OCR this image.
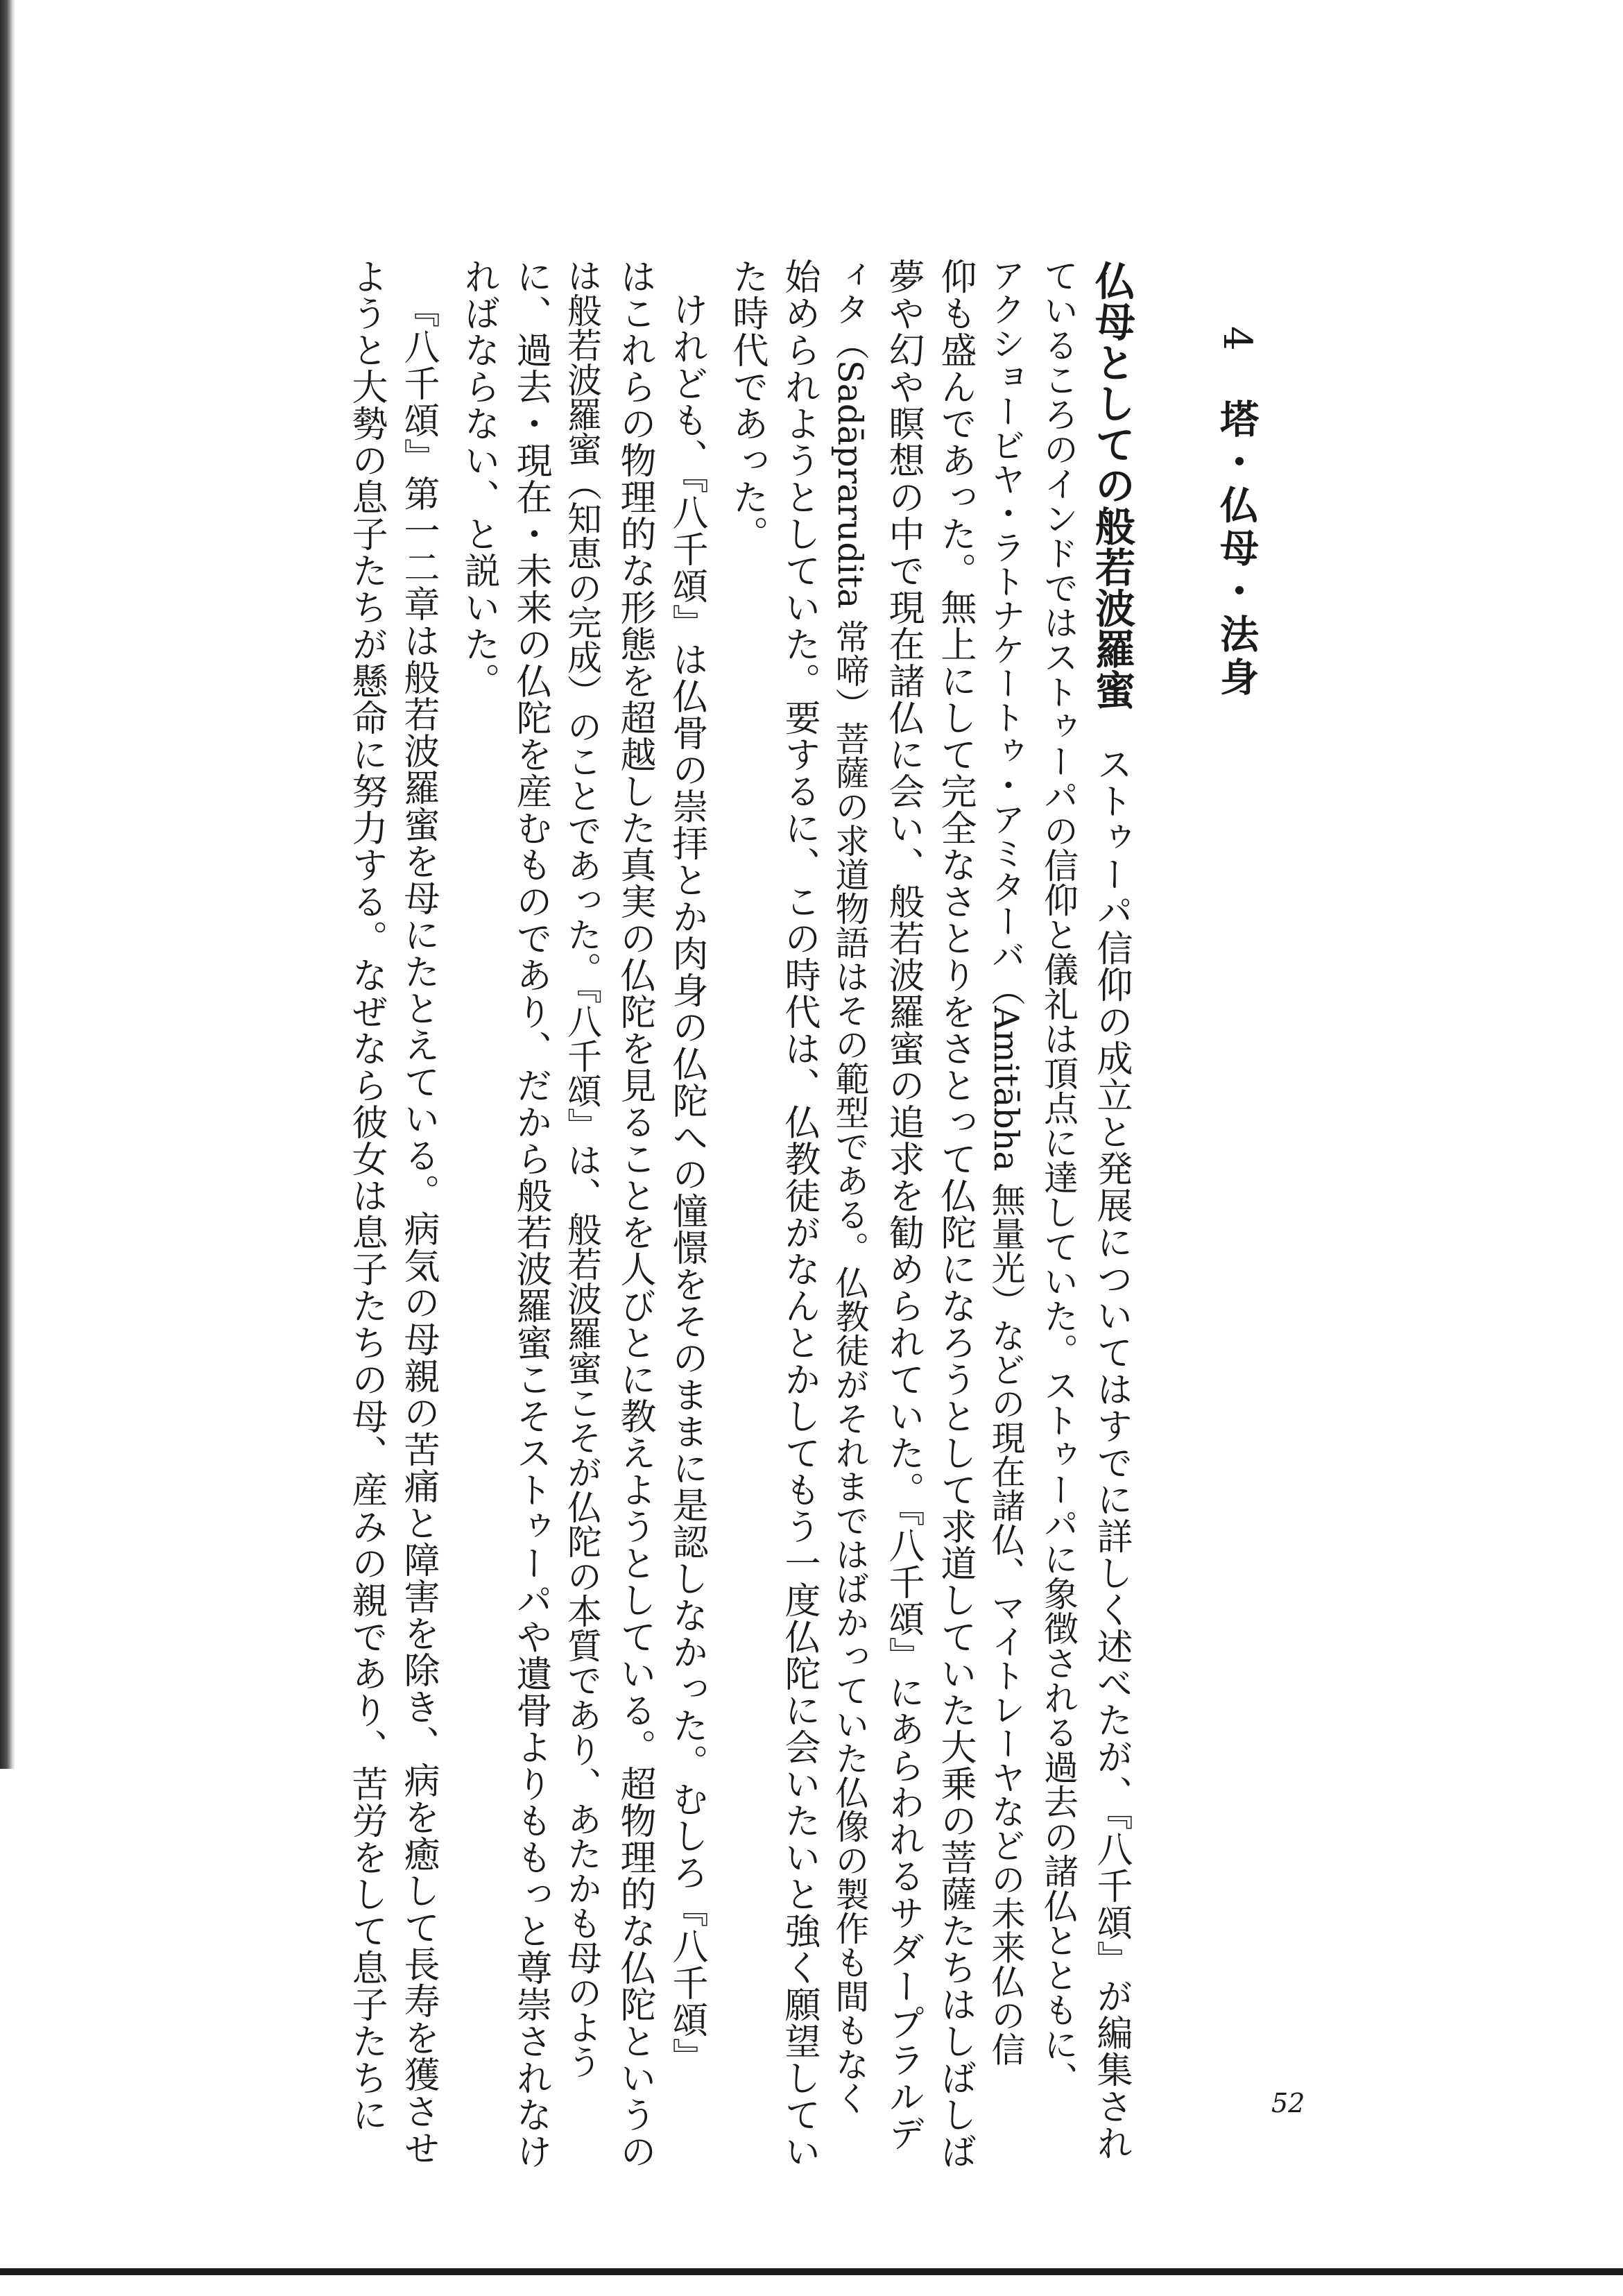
4
塔・仏母・法身
仏母としての般若波羅蜜
ストゥーパ信仰の成立と発展についてはすでに詳しく述べたが、『八千頌』が編集され
ているころのインドではストゥーパの信仰と儀礼は頂点に達していた。ストゥーパに象徴される過去の諸仏とともに、
アクショービヤ・ラトナケートゥ・アミターバ（Amitābha 無量光）などの現在諸仏、マイトレーヤなどの未来仏の信
仰も盛んであった。無上にして完全なさとりをさとって仏陀になろうとして求道していた大乗の菩薩たちはしばしば
夢や幻や瞑想の中で現在諸仏に会い、般若波羅蜜の追求を勧められていた。『八千頌』にあらわれるサダープラルデ
ィタ（Sadāprarudita 常啼）菩薩の求道物語はその範型である。仏教徒がそれまではばかっていた仏像の製作も間もなく
始められようとしていた。要するに、この時代は、仏教徒がなんとかしてもう一度仏陀に会いたいと強く願望してい
た時代であった。
けれども、『八千頌』は仏骨の崇拝とか肉身の仏陀への憧憬をそのままに是認しなかった。むしろ『八千頌』
はこれらの物理的な形態を超越した真実の仏陀を見ることを人びとに教えようとしている。超物理的な仏陀というの
は般若波羅蜜（知恵の完成）のことであった。『八千頌』は、般若波羅蜜こそが仏陀の本質であり、あたかも母のよう
に、過去・現在・未来の仏陀を産むものであり、だから般若波羅蜜こそストゥーパや遺骨よりももっと尊崇されなけ
ればならない、と説いた。
『八千頌』第一二章は般若波羅蜜を母にたとえている。病気の母親の苦痛と障害を除き、病を癒して長寿を獲させ
ようと大勢の息子たちが懸命に努力する。なぜなら彼女は息子たちの母、産みの親であり、苦労をして息子たちに	52
